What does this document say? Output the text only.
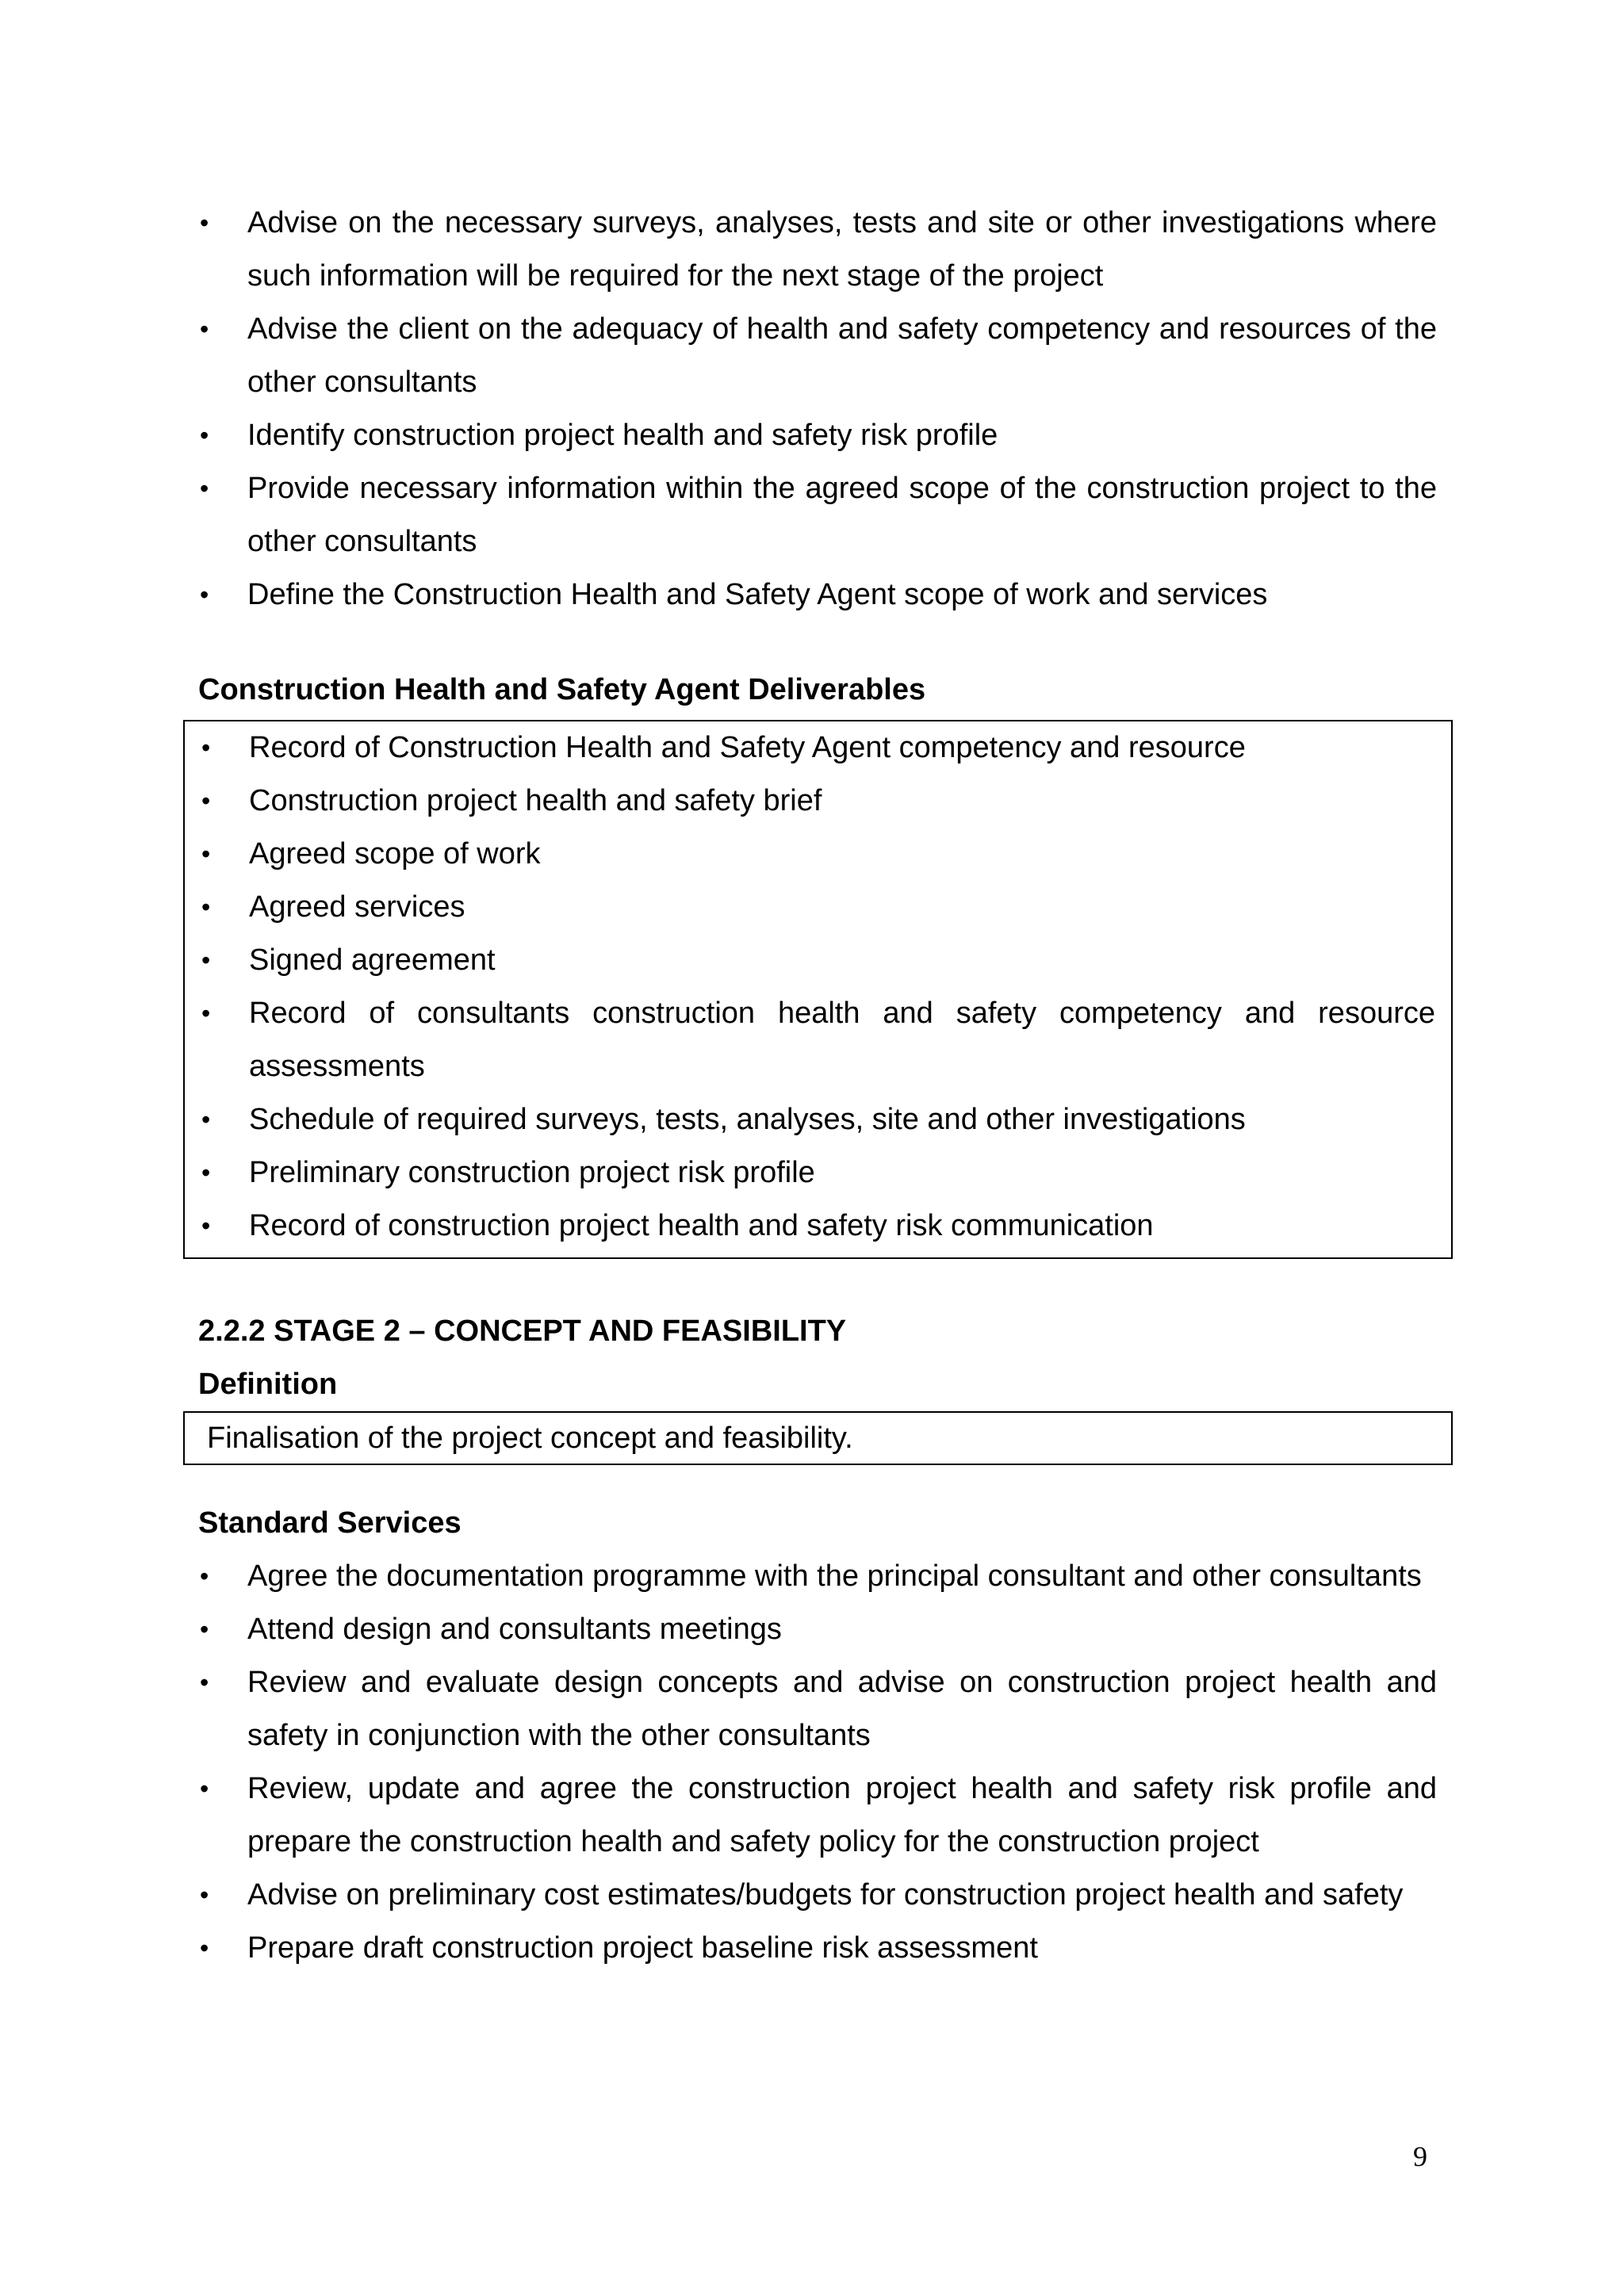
• Advise on the necessary surveys, analyses, tests and site or other investigations where such information will be required for the next stage of the project
• Advise the client on the adequacy of health and safety competency and resources of the other consultants
• Identify construction project health and safety risk profile
• Provide necessary information within the agreed scope of the construction project to the other consultants
• Define the Construction Health and Safety Agent scope of work and services
Construction Health and Safety Agent Deliverables
• Record of Construction Health and Safety Agent competency and resource
• Construction project health and safety brief
• Agreed scope of work
• Agreed services
• Signed agreement
• Record of consultants construction health and safety competency and resource assessments
• Schedule of required surveys, tests, analyses, site and other investigations
• Preliminary construction project risk profile
• Record of construction project health and safety risk communication
2.2.2 STAGE 2 – CONCEPT AND FEASIBILITY
Definition
Finalisation of the project concept and feasibility.
Standard Services
• Agree the documentation programme with the principal consultant and other consultants
• Attend design and consultants meetings
• Review and evaluate design concepts and advise on construction project health and safety in conjunction with the other consultants
• Review, update and agree the construction project health and safety risk profile and prepare the construction health and safety policy for the construction project
• Advise on preliminary cost estimates/budgets for construction project health and safety
• Prepare draft construction project baseline risk assessment
9
